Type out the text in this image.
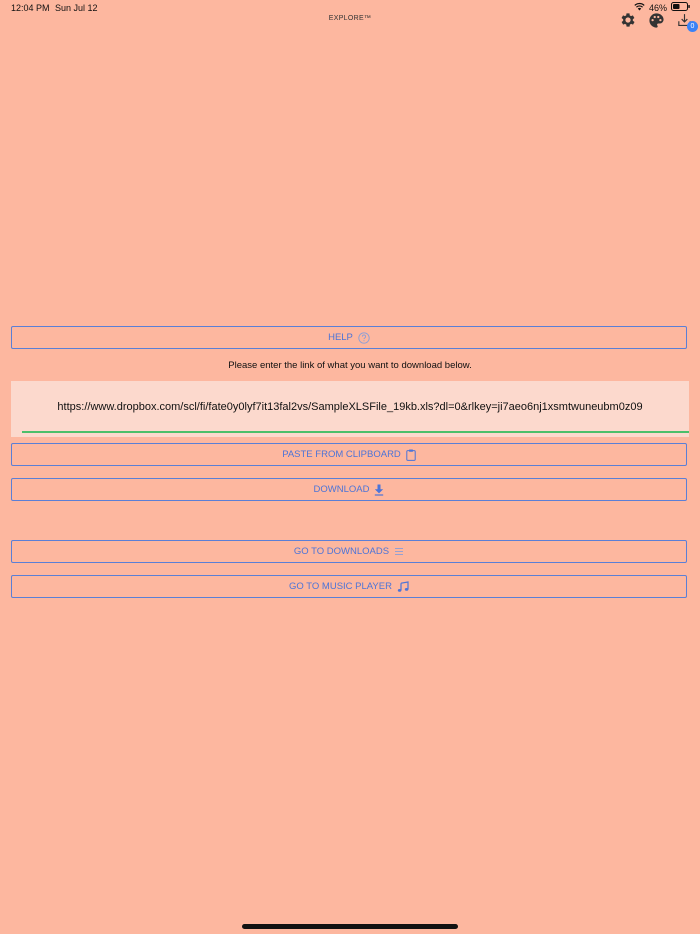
12:04 PM Sun Jul 12	46%
EXPLORE™
0
HELP
Please enter the link of what you want to download below.
https://www.dropbox.com/scl/fi/fate0y0lyf7it13fal2vs/SampleXLSFile_19kb.xls?dl=0&rlkey=ji7aeo6nj1xsmtwuneubm0z09
PASTE FROM CLIPBOARD
DOWNLOAD
GO TO DOWNLOADS
GO TO MUSIC PLAYER
